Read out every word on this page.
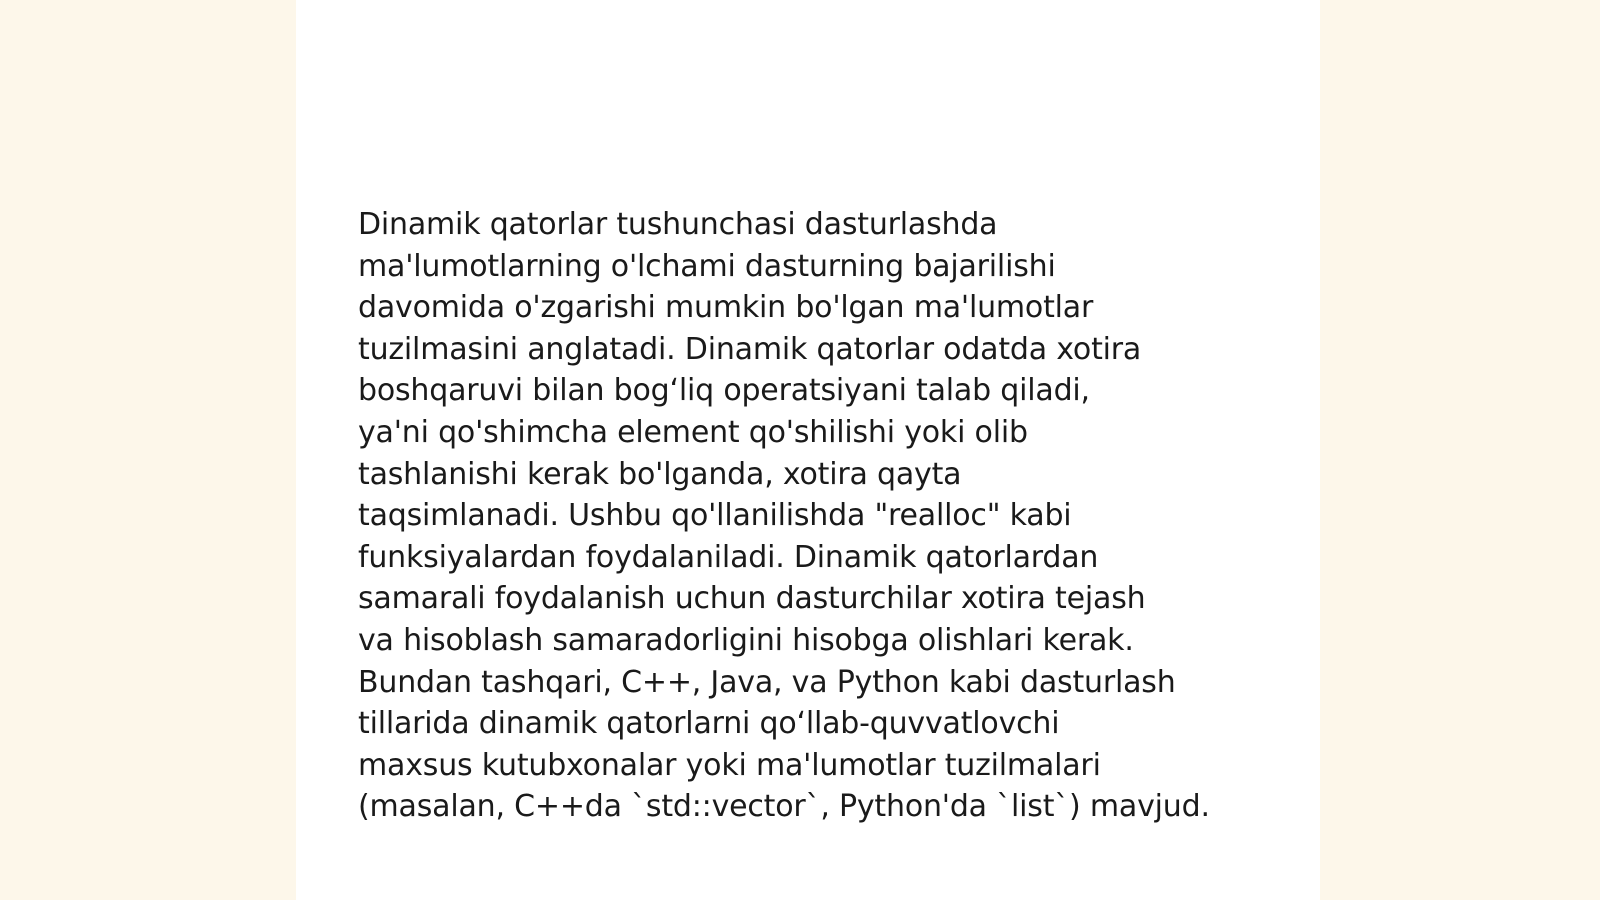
Dinamik qatorlar tushunchasi dasturlashda
ma'lumotlarning o'lchami dasturning bajarilishi
davomida o'zgarishi mumkin bo'lgan ma'lumotlar
tuzilmasini anglatadi. Dinamik qatorlar odatda xotira
boshqaruvi bilan bog‘liq operatsiyani talab qiladi,
ya'ni qo'shimcha element qo'shilishi yoki olib
tashlanishi kerak bo'lganda, xotira qayta
taqsimlanadi. Ushbu qo'llanilishda "realloc" kabi
funksiyalardan foydalaniladi. Dinamik qatorlardan
samarali foydalanish uchun dasturchilar xotira tejash
va hisoblash samaradorligini hisobga olishlari kerak.
Bundan tashqari, C++, Java, va Python kabi dasturlash
tillarida dinamik qatorlarni qo‘llab-quvvatlovchi
maxsus kutubxonalar yoki ma'lumotlar tuzilmalari
(masalan, C++da `std::vector`, Python'da `list`) mavjud.
